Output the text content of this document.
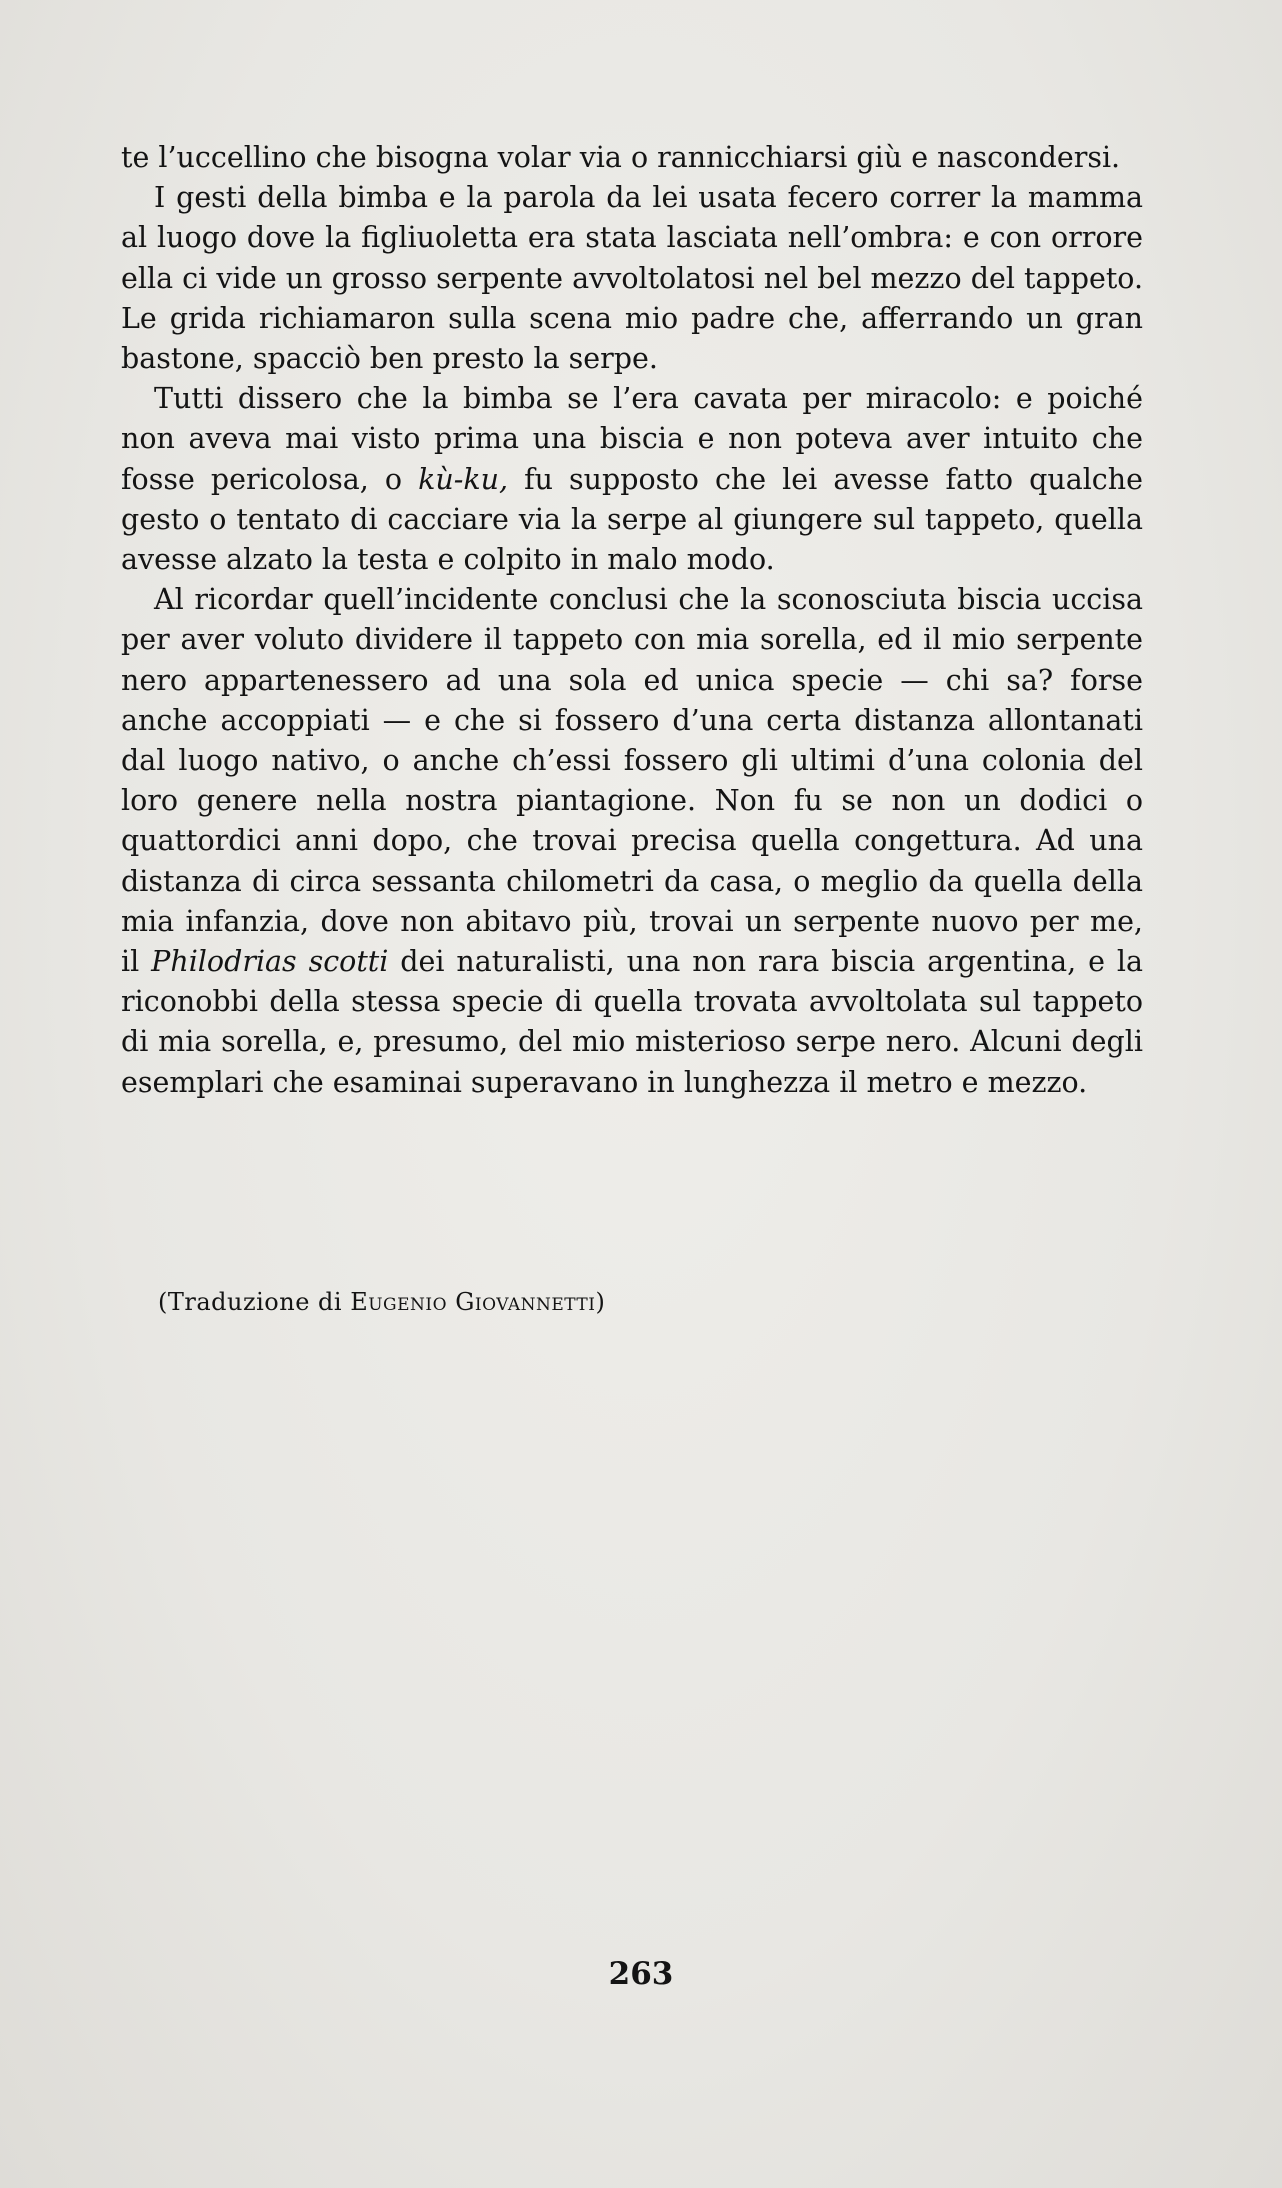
te l’uccellino che bisogna volar via o rannicchiarsi giù e nascondersi.

I gesti della bimba e la parola da lei usata fecero correr la mamma al luogo dove la figliuoletta era stata lasciata nell’ombra: e con orrore ella ci vide un grosso serpente avvoltolatosi nel bel mezzo del tappeto. Le grida richiamaron sulla scena mio padre che, afferrando un gran bastone, spacciò ben presto la serpe.

Tutti dissero che la bimba se l’era cavata per miracolo: e poiché non aveva mai visto prima una biscia e non poteva aver intuito che fosse pericolosa, o kù-ku, fu supposto che lei avesse fatto qualche gesto o tentato di cacciare via la serpe al giungere sul tappeto, quella avesse alzato la testa e colpito in malo modo.

Al ricordar quell’incidente conclusi che la sconosciuta biscia uccisa per aver voluto dividere il tappeto con mia sorella, ed il mio serpente nero appartenessero ad una sola ed unica specie — chi sa? forse anche accoppiati — e che si fossero d’una certa distanza allontanati dal luogo nativo, o anche ch’essi fossero gli ultimi d’una colonia del loro genere nella nostra piantagione. Non fu se non un dodici o quattordici anni dopo, che trovai precisa quella congettura. Ad una distanza di circa sessanta chilometri da casa, o meglio da quella della mia infanzia, dove non abitavo più, trovai un serpente nuovo per me, il Philodrias scotti dei naturalisti, una non rara biscia argentina, e la riconobbi della stessa specie di quella trovata avvoltolata sul tappeto di mia sorella, e, presumo, del mio misterioso serpe nero. Alcuni degli esemplari che esaminai superavano in lunghezza il metro e mezzo.

(Traduzione di Eugenio Giovannetti)
263
